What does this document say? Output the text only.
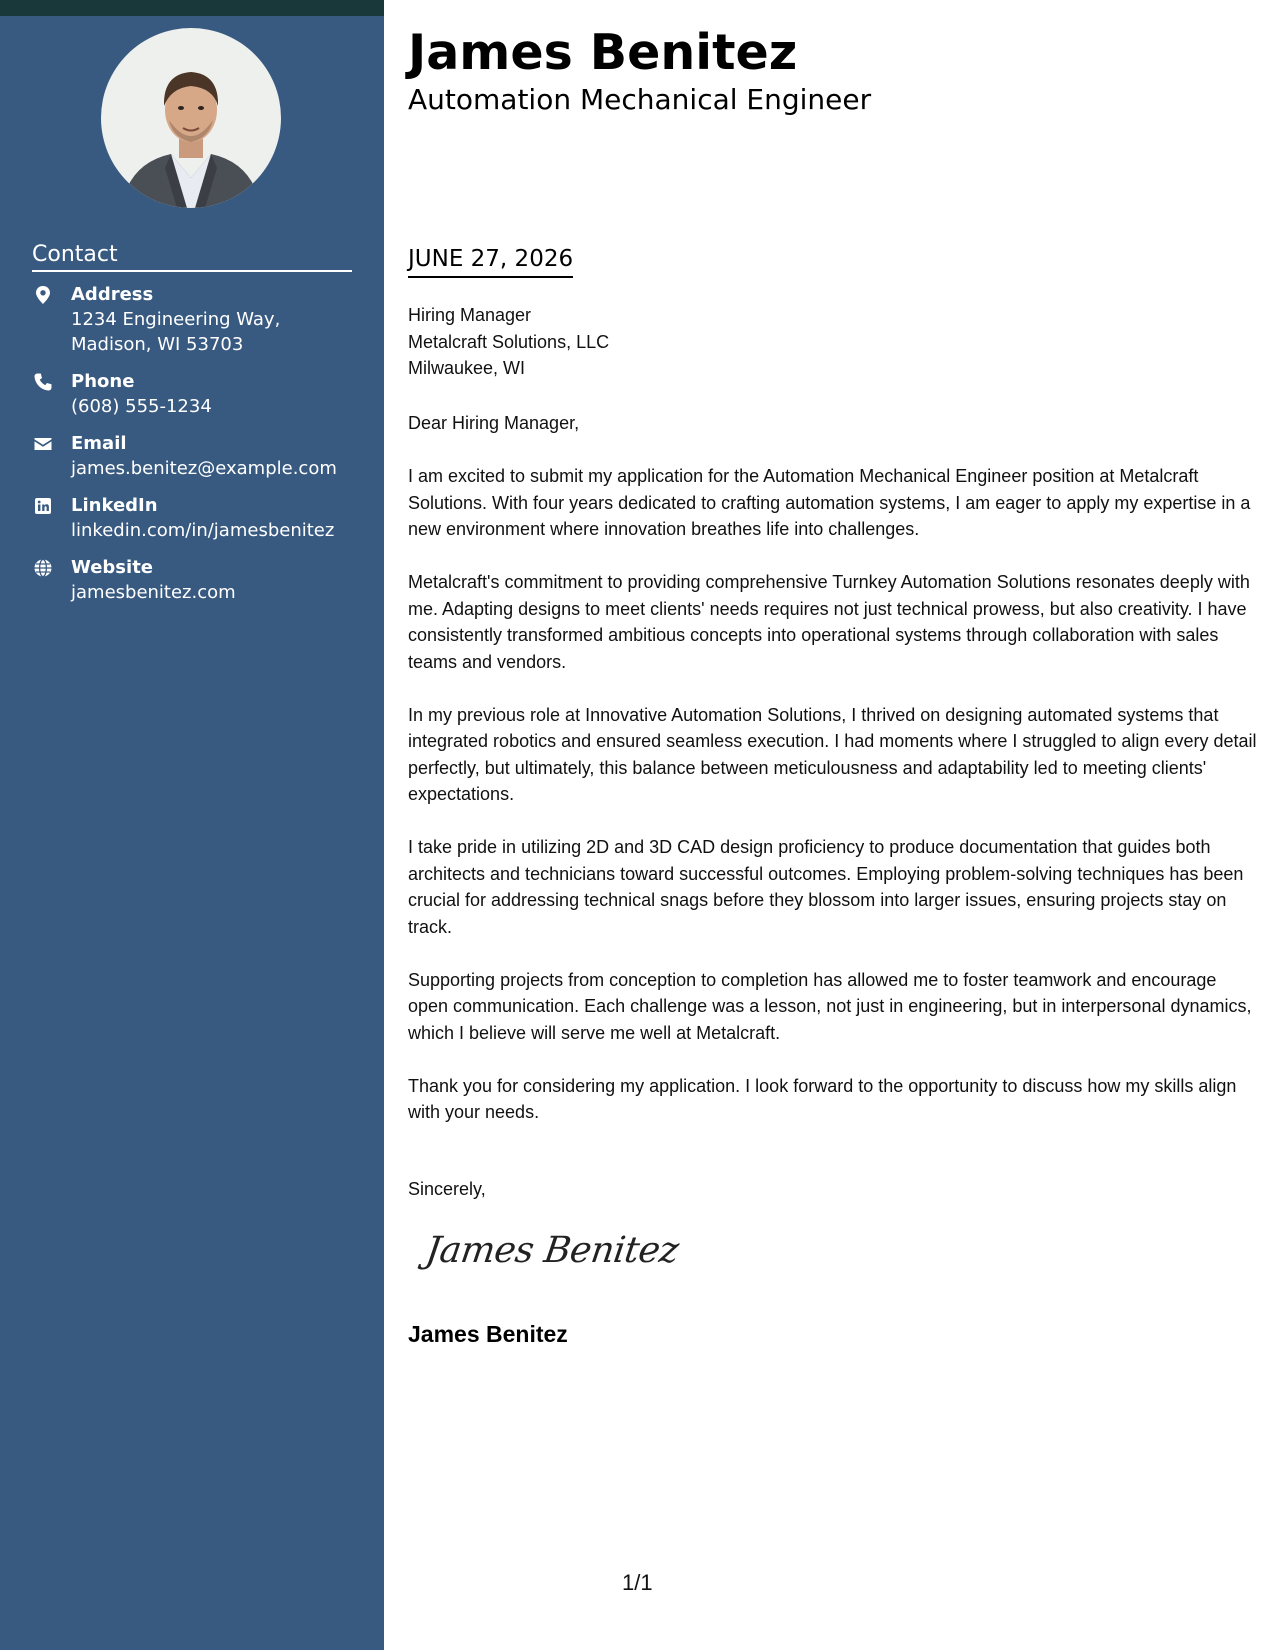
Contact
Address
1234 Engineering Way, Madison, WI 53703
Phone
(608) 555-1234
Email
james.benitez@example.com
LinkedIn
linkedin.com/in/jamesbenitez
Website
jamesbenitez.com
James Benitez
Automation Mechanical Engineer
JUNE 27, 2026
Hiring Manager
Metalcraft Solutions, LLC
Milwaukee, WI
Dear Hiring Manager,

I am excited to submit my application for the Automation Mechanical Engineer position at Metalcraft Solutions. With four years dedicated to crafting automation systems, I am eager to apply my expertise in a new environment where innovation breathes life into challenges.

Metalcraft's commitment to providing comprehensive Turnkey Automation Solutions resonates deeply with me. Adapting designs to meet clients' needs requires not just technical prowess, but also creativity. I have consistently transformed ambitious concepts into operational systems through collaboration with sales teams and vendors.

In my previous role at Innovative Automation Solutions, I thrived on designing automated systems that integrated robotics and ensured seamless execution. I had moments where I struggled to align every detail perfectly, but ultimately, this balance between meticulousness and adaptability led to meeting clients' expectations.

I take pride in utilizing 2D and 3D CAD design proficiency to produce documentation that guides both architects and technicians toward successful outcomes. Employing problem-solving techniques has been crucial for addressing technical snags before they blossom into larger issues, ensuring projects stay on track.

Supporting projects from conception to completion has allowed me to foster teamwork and encourage open communication. Each challenge was a lesson, not just in engineering, but in interpersonal dynamics, which I believe will serve me well at Metalcraft.

Thank you for considering my application. I look forward to the opportunity to discuss how my skills align with your needs.

Sincerely,
James Benitez
James Benitez
1/1
